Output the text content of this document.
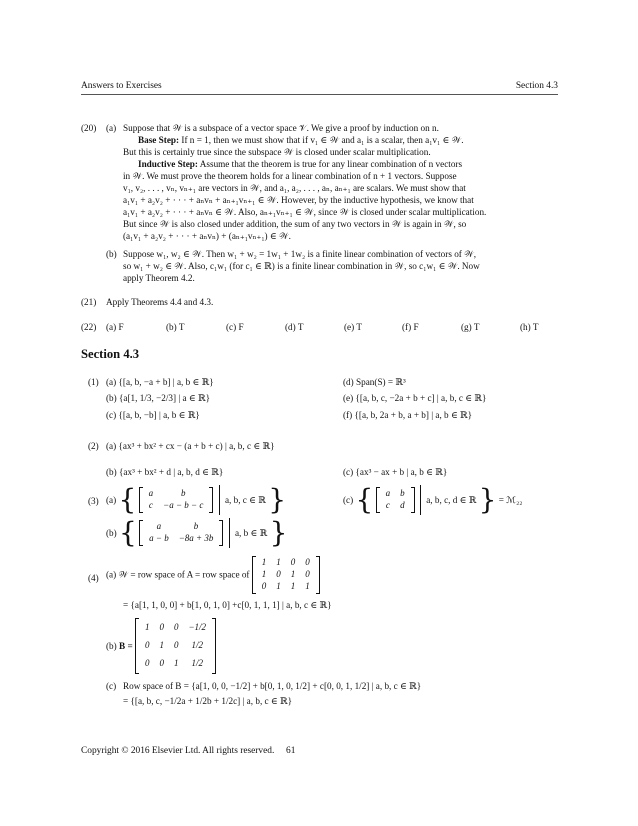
Answers to Exercises	Section 4.3
(20) (a) Suppose that 𝒲 is a subspace of a vector space 𝒱. We give a proof by induction on n.
Base Step: If n = 1, then we must show that if v₁ ∈ 𝒲 and a₁ is a scalar, then a₁v₁ ∈ 𝒲.
But this is certainly true since the subspace 𝒲 is closed under scalar multiplication.
Inductive Step: Assume that the theorem is true for any linear combination of n vectors
in 𝒲. We must prove the theorem holds for a linear combination of n + 1 vectors. Suppose
v₁, v₂, . . . , vₙ, vₙ₊₁ are vectors in 𝒲, and a₁, a₂, . . . , aₙ, aₙ₊₁ are scalars. We must show that
a₁v₁ + a₂v₂ + · · · + aₙvₙ + aₙ₊₁vₙ₊₁ ∈ 𝒲. However, by the inductive hypothesis, we know that
a₁v₁ + a₂v₂ + · · · + aₙvₙ ∈ 𝒲. Also, aₙ₊₁vₙ₊₁ ∈ 𝒲, since 𝒲 is closed under scalar multiplication.
But since 𝒲 is also closed under addition, the sum of any two vectors in 𝒲 is again in 𝒲, so
(a₁v₁ + a₂v₂ + · · · + aₙvₙ) + (aₙ₊₁vₙ₊₁) ∈ 𝒲.
(b) Suppose w₁, w₂ ∈ 𝒲. Then w₁ + w₂ = 1w₁ + 1w₂ is a finite linear combination of vectors of 𝒲,
so w₁ + w₂ ∈ 𝒲. Also, c₁w₁ (for c₁ ∈ ℝ) is a finite linear combination in 𝒲, so c₁w₁ ∈ 𝒲. Now
apply Theorem 4.2.
(21) Apply Theorems 4.4 and 4.3.
(22) (a) F	(b) T	(c) F	(d) T	(e) T	(f) F	(g) T	(h) T
Section 4.3
(1) (a) {[a, b, −a + b] | a, b ∈ ℝ}
(b) {a[1, 1/3, −2/3] | a ∈ ℝ}
(c) {[a, b, −b] | a, b ∈ ℝ}
(d) Span(S) = ℝ³
(e) {[a, b, c, −2a + b + c] | a, b, c ∈ ℝ}
(f) {[a, b, 2a + b, a + b] | a, b ∈ ℝ}
(2) (a) {ax³ + bx² + cx − (a + b + c) | a, b, c ∈ ℝ}
(b) {ax³ + bx² + d | a, b, d ∈ ℝ}	(c) {ax³ − ax + b | a, b ∈ ℝ}
(3) (a) { a	b
c	−a − b − c
a, b, c ∈ ℝ }	(c) { a	b
c	d
a, b, c, d ∈ ℝ } = ℳ₂₂
(b) { a	b
a − b	−8a + 3b
a, b ∈ ℝ }
(4) (a) 𝒲 = row space of A = row space of
1	1	0	0
1	0	1	0
0	1	1	1
= {a[1, 1, 0, 0] + b[1, 0, 1, 0] +c[0, 1, 1, 1] | a, b, c ∈ ℝ}
(b) B =
1	0	0	−1/2
0	1	0	1/2
0	0	1	1/2
(c) Row space of B = {a[1, 0, 0, −1/2] + b[0, 1, 0, 1/2] + c[0, 0, 1, 1/2] | a, b, c ∈ ℝ}
= {[a, b, c, −1/2a + 1/2b + 1/2c] | a, b, c ∈ ℝ}
Copyright © 2016 Elsevier Ltd. All rights reserved.     61
